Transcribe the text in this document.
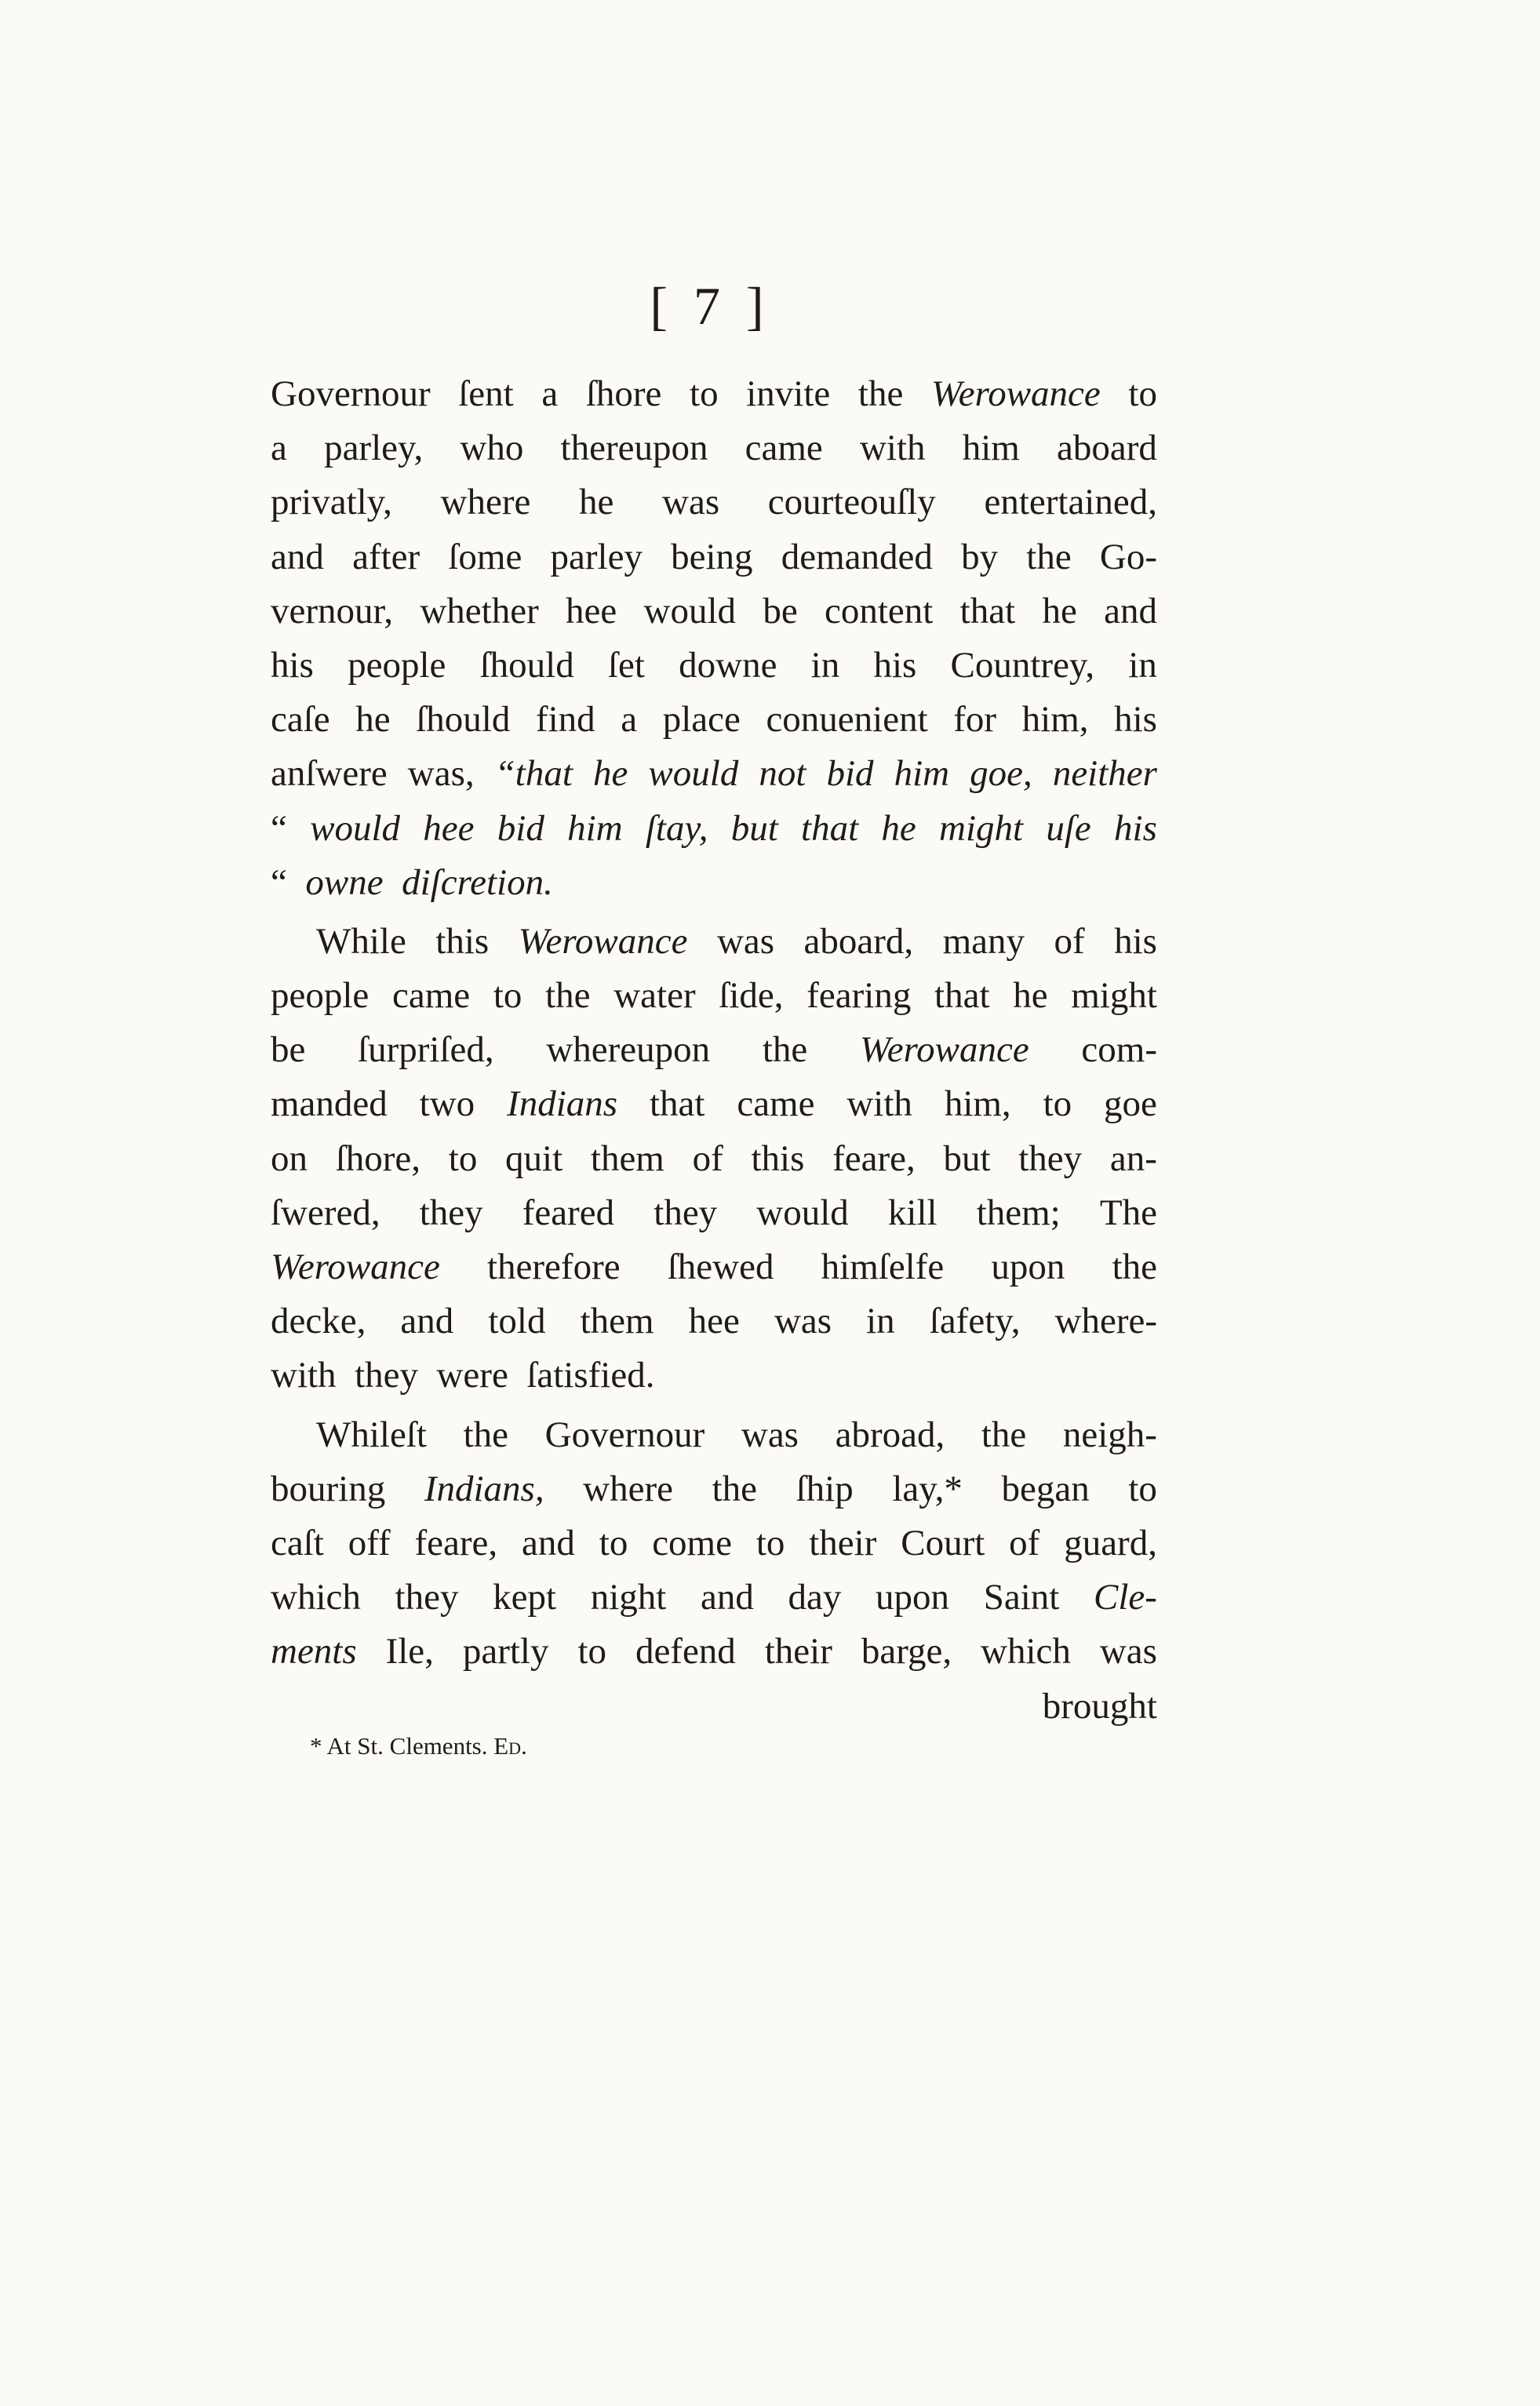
[ 7 ]
Governour ſent a ſhore to invite the Werowance to
a parley, who thereupon came with him aboard
privatly, where he was courteouſly entertained,
and after ſome parley being demanded by the Go-
vernour, whether hee would be content that he and
his people ſhould ſet downe in his Countrey, in
caſe he ſhould find a place conuenient for him, his
anſwere was, “that he would not bid him goe, neither
“ would hee bid him ſtay, but that he might uſe his
“
owne
diſcretion.
While this Werowance was aboard, many of his
people came to the water ſide, fearing that he might
be ſurpriſed, whereupon the Werowance com-
manded two Indians that came with him, to goe
on ſhore, to quit them of this feare, but they an-
ſwered, they feared they would kill them; The
Werowance therefore ſhewed himſelfe upon the
decke, and told them hee was in ſafety, where-
with
they
were
ſatisfied.
Whileſt the Governour was abroad, the neigh-
bouring Indians, where the ſhip lay,* began to
caſt off feare, and to come to their Court of guard,
which they kept night and day upon Saint Cle-
ments Ile, partly to defend their barge, which was
brought
* At St. Clements. Ed.
